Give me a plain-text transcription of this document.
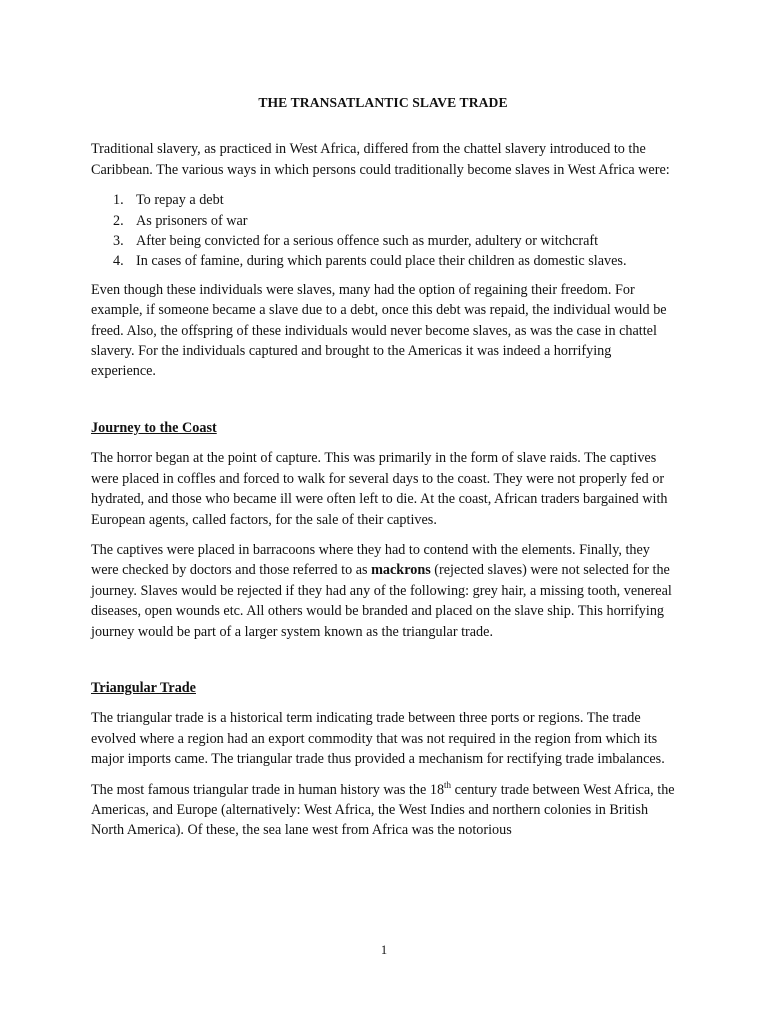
THE TRANSATLANTIC SLAVE TRADE

Traditional slavery, as practiced in West Africa, differed from the chattel slavery introduced to the Caribbean. The various ways in which persons could traditionally become slaves in West Africa were:

1. To repay a debt
2. As prisoners of war
3. After being convicted for a serious offence such as murder, adultery or witchcraft
4. In cases of famine, during which parents could place their children as domestic slaves.

Even though these individuals were slaves, many had the option of regaining their freedom. For example, if someone became a slave due to a debt, once this debt was repaid, the individual would be freed. Also, the offspring of these individuals would never become slaves, as was the case in chattel slavery. For the individuals captured and brought to the Americas it was indeed a horrifying experience.

Journey to the Coast

The horror began at the point of capture. This was primarily in the form of slave raids. The captives were placed in coffles and forced to walk for several days to the coast. They were not properly fed or hydrated, and those who became ill were often left to die. At the coast, African traders bargained with European agents, called factors, for the sale of their captives.

The captives were placed in barracoons where they had to contend with the elements. Finally, they were checked by doctors and those referred to as mackrons (rejected slaves) were not selected for the journey. Slaves would be rejected if they had any of the following: grey hair, a missing tooth, venereal diseases, open wounds etc. All others would be branded and placed on the slave ship. This horrifying journey would be part of a larger system known as the triangular trade.

Triangular Trade

The triangular trade is a historical term indicating trade between three ports or regions. The trade evolved where a region had an export commodity that was not required in the region from which its major imports came. The triangular trade thus provided a mechanism for rectifying trade imbalances.

The most famous triangular trade in human history was the 18th century trade between West Africa, the Americas, and Europe (alternatively: West Africa, the West Indies and northern colonies in British North America). Of these, the sea lane west from Africa was the notorious

1
